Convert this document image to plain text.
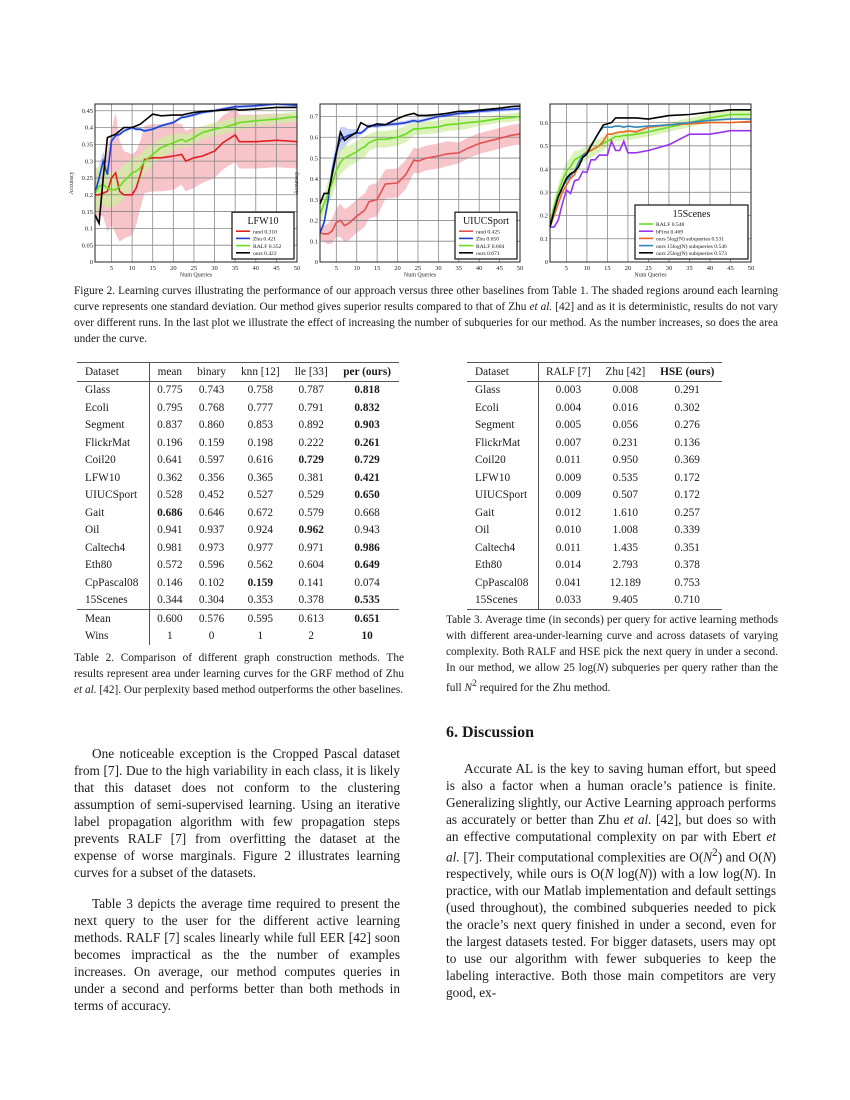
5 10 15 20 25 30 35 40 45 50
0
0.05
0.1
0.15
0.2
0.25
0.3
0.35
0.4
0.45
Num Queries
Accuracy
LFW10
rand 0.310
Zhu 0.421
RALF 0.352
ours 0.422
5 10 15 20 25 30 35 40 45 50
0
0.1
0.2
0.3
0.4
0.5
0.6
0.7
Num Queries
Accuracy
UIUCSport
rand 0.425
Zhu 0.650
RALF 0.604
ours 0.671
5 10 15 20 25 30 35 40 45 50
0
0.1
0.2
0.3
0.4
0.5
0.6
Num Queries
15Scenes
RALF 0.548
bFirst 0.469
ours 5log(N) subqueries 0.531
ours 15log(N) subqueries 0.546
ours 25log(N) subqueries 0.573
Figure 2. Learning curves illustrating the performance of our approach versus three other baselines from Table 1. The shaded regions around each learning curve represents one standard deviation. Our method gives superior results compared to that of Zhu et al. [42] and as it is deterministic, results do not vary over different runs. In the last plot we illustrate the effect of increasing the number of subqueries for our method. As the number increases, so does the area under the curve.
Dataset	mean	binary	knn [12]	lle [33]	per (ours)
Glass	0.775	0.743	0.758	0.787	0.818
Ecoli	0.795	0.768	0.777	0.791	0.832
Segment	0.837	0.860	0.853	0.892	0.903
FlickrMat	0.196	0.159	0.198	0.222	0.261
Coil20	0.641	0.597	0.616	0.729	0.729
LFW10	0.362	0.356	0.365	0.381	0.421
UIUCSport	0.528	0.452	0.527	0.529	0.650
Gait	0.686	0.646	0.672	0.579	0.668
Oil	0.941	0.937	0.924	0.962	0.943
Caltech4	0.981	0.973	0.977	0.971	0.986
Eth80	0.572	0.596	0.562	0.604	0.649
CpPascal08	0.146	0.102	0.159	0.141	0.074
15Scenes	0.344	0.304	0.353	0.378	0.535
Mean	0.600	0.576	0.595	0.613	0.651
Wins	1	0	1	2	10
Table 2. Comparison of different graph construction methods. The results represent area under learning curves for the GRF method of Zhu et al. [42]. Our perplexity based method outperforms the other baselines.
Dataset	RALF [7]	Zhu [42]	HSE (ours)
Glass	0.003	0.008	0.291
Ecoli	0.004	0.016	0.302
Segment	0.005	0.056	0.276
FlickrMat	0.007	0.231	0.136
Coil20	0.011	0.950	0.369
LFW10	0.009	0.535	0.172
UIUCSport	0.009	0.507	0.172
Gait	0.012	1.610	0.257
Oil	0.010	1.008	0.339
Caltech4	0.011	1.435	0.351
Eth80	0.014	2.793	0.378
CpPascal08	0.041	12.189	0.753
15Scenes	0.033	9.405	0.710
Table 3. Average time (in seconds) per query for active learning methods with different area-under-learning curve and across datasets of varying complexity. Both RALF and HSE pick the next query in under a second. In our method, we allow 25 log(N) subqueries per query rather than the full $N^2$ required for the Zhu method.

One noticeable exception is the Cropped Pascal dataset from [7]. Due to the high variability in each class, it is likely that this dataset does not conform to the clustering assumption of semi-supervised learning. Using an iterative label propagation algorithm with few propagation steps prevents RALF [7] from overfitting the dataset at the expense of worse marginals. Figure 2 illustrates learning curves for a subset of the datasets.

Table 3 depicts the average time required to present the next query to the user for the different active learning methods. RALF [7] scales linearly while full EER [42] soon becomes impractical as the the number of examples increases. On average, our method computes queries in under a second and performs better than both methods in terms of accuracy.

6. Discussion

Accurate AL is the key to saving human effort, but speed is also a factor when a human oracle’s patience is finite. Generalizing slightly, our Active Learning approach performs as accurately or better than Zhu et al. [42], but does so with an effective computational complexity on par with Ebert et al. [7]. Their computational complexities are $O(N^2)$ and O(N) respectively, while ours is O(N log(N)) with a low log(N). In practice, with our Matlab implementation and default settings (used throughout), the combined subqueries needed to pick the oracle’s next query finished in under a second, even for the largest datasets tested. For bigger datasets, users may opt to use our algorithm with fewer subqueries to keep the labeling interactive. Both those main competitors are very good, ex-
